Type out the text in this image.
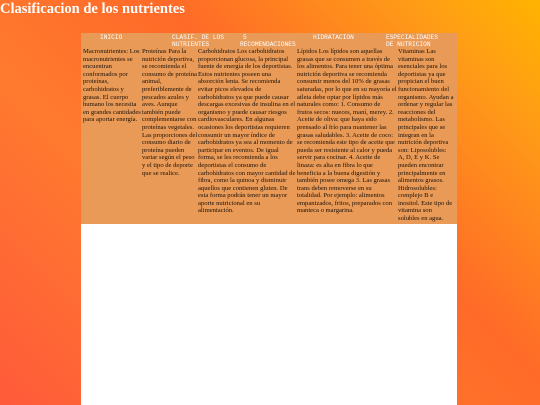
Clasificacion de los nutrientes
INICIO	CLASIF. DE LOS
NUTRIENTES
5
RECOMENDACIONES
HIDRATACION	ESPECIALIDADES
DE NUTRICION
Macronutrientes: Los macronutrientes se encuentran conformados por proteínas, carbohidratos y grasas. El cuerpo humano los necesita en grandes cantidades para aportar energía.
Proteínas Para la nutrición deportiva, se recomienda el consumo de proteína animal, preferiblemente de pescados azules y aves. Aunque también puede complementarse con proteínas vegetales. Las proporciones del consumo diario de proteína pueden variar según el peso y el tipo de deporte que se realice.
Carbohidratos Los carbohidratos proporcionan glucosa, la principal fuente de energía de los deportistas. Estos nutrientes poseen una absorción lenta. Se recomienda evitar picos elevados de carbohidratos ya que puede causar descargas excesivas de insulina en el organismo y puede causar riesgos cardiovasculares. En algunas ocasiones los deportistas requieren consumir un mayor índice de carbohidratos ya sea al momento de participar en eventos. De igual forma, se les recomienda a los deportistas el consumo de carbohidratos con mayor cantidad de fibra, como la quinoa y disminuir aquellos que contienen gluten. De esta forma podrán tener un mayor aporte nutricional en su alimentación.
Lípidos Los lípidos son aquellas grasas que se consumen a través de los alimentos. Para tener una óptima nutrición deportiva se recomienda consumir menos del 10% de grasas saturadas, por lo que en su mayoría el atleta debe optar por lípidos más naturales como: 1. Consumo de frutos secos: nueces, maní, merey. 2. Aceite de oliva: que haya sido prensado al frío para mantener las grasas saludables. 3. Aceite de coco: se recomienda este tipo de aceite que pueda ser resistente al calor y pueda servir para cocinar. 4. Aceite de linaza: es alta en fibra lo que beneficia a la buena digestión y también posee omega 3. Las grasas trans deben removerse en su totalidad. Por ejemplo: alimentos empanizados, fritos, preparados con manteca o margarina.
Vitaminas Las vitaminas son esenciales para los deportistas ya que propician el buen funcionamiento del organismo. Ayudan a ordenar y regular las reacciones del metabolismo. Las principales que se integran en la nutrición deportiva son: Liposolubles: A, D, E y K. Se pueden encontrar principalmente en alimentos grasos. Hidrosolubles: complejo B e inositol. Este tipo de vitamina son solubles en agua.
